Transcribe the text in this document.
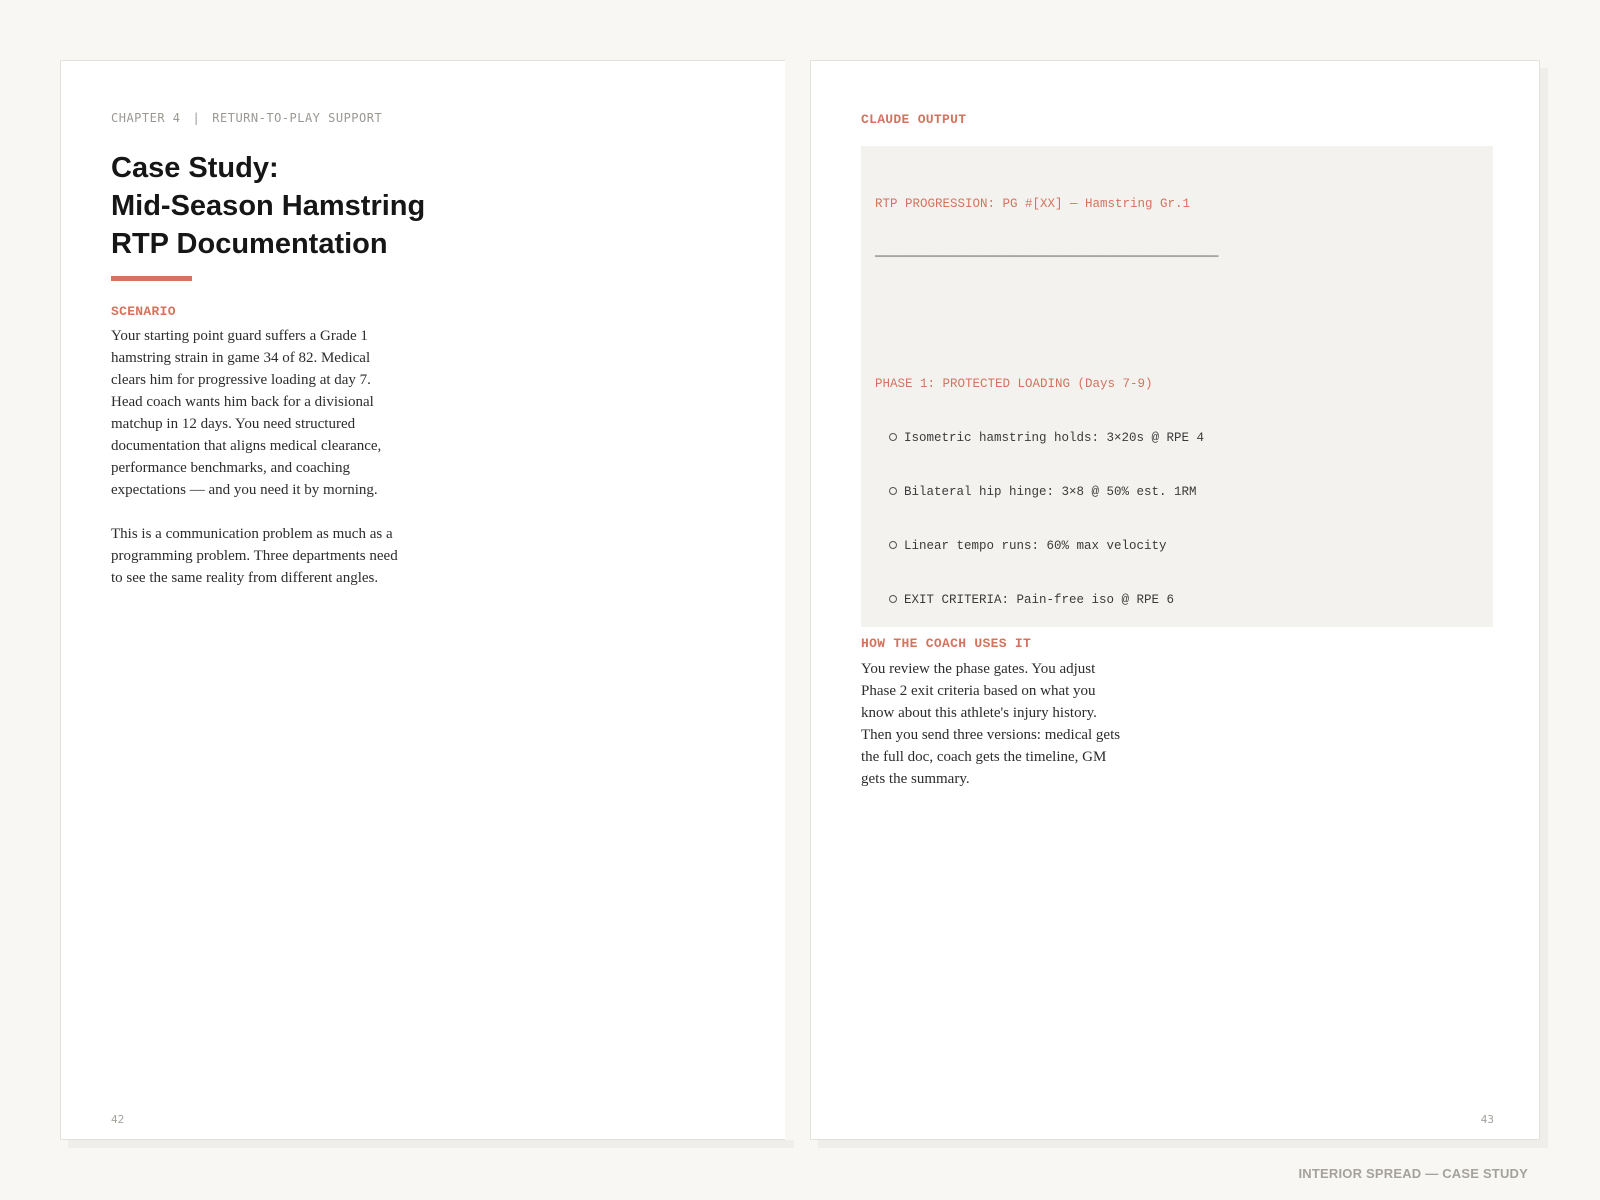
CHAPTER 4 | RETURN-TO-PLAY SUPPORT
Case Study:
Mid-Season Hamstring
RTP Documentation
SCENARIO

Your starting point guard suffers a Grade 1 hamstring strain in game 34 of 82. Medical clears him for progressive loading at day 7. Head coach wants him back for a divisional matchup in 12 days. You need structured documentation that aligns medical clearance, performance benchmarks, and coaching expectations — and you need it by morning.

This is a communication problem as much as a programming problem. Three departments need to see the same reality from different angles.

42
CLAUDE OUTPUT

RTP PROGRESSION: PG #[XX] — Hamstring Gr.1

━━━━━━━━━━━━━━━━━━━━━━━━━━━━━━━━━━━━━━━━━━━━━━━━━━━━━━━━

PHASE 1: PROTECTED LOADING (Days 7-9)

Isometric hamstring holds: 3×20s @ RPE 4

Bilateral hip hinge: 3×8 @ 50% est. 1RM

Linear tempo runs: 60% max velocity

EXIT CRITERIA: Pain-free iso @ RPE 6

HOW THE COACH USES IT

You review the phase gates. You adjust Phase 2 exit criteria based on what you know about this athlete's injury history. Then you send three versions: medical gets the full doc, coach gets the timeline, GM gets the summary.

43
INTERIOR SPREAD — CASE STUDY
